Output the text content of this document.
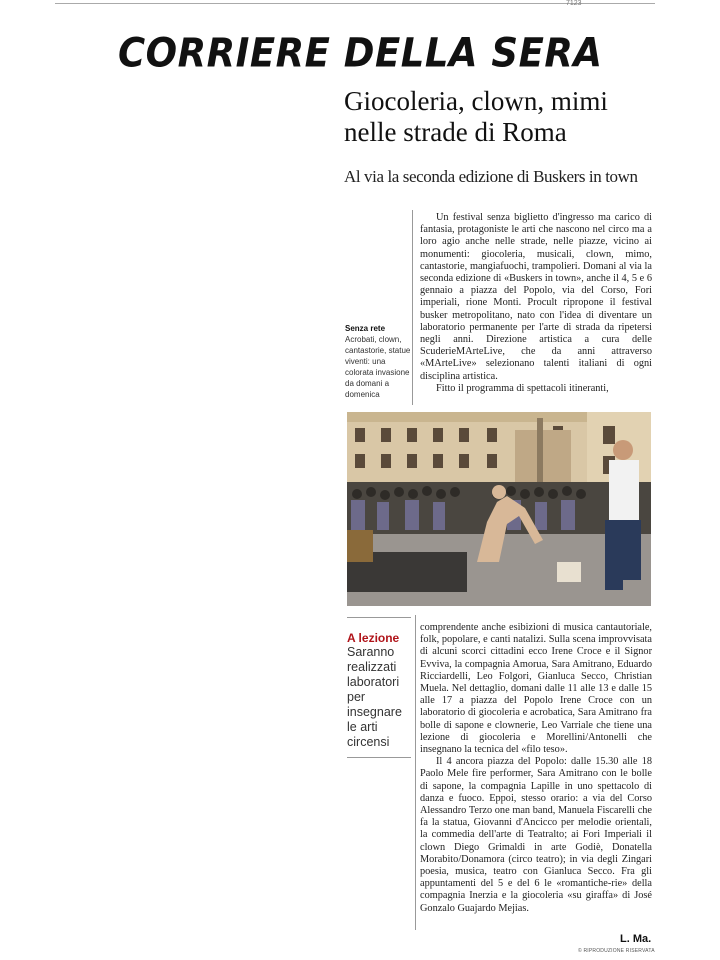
7123
CORRIERE DELLA SERA
Giocoleria, clown, mimi
nelle strade di Roma
Al via la seconda edizione di Buskers in town
Senza rete
Acrobati, clown, cantastorie, statue viventi: una colorata invasione da domani a domenica

Un festival senza biglietto d'ingresso ma carico di fantasia, protagoniste le arti che nascono nel circo ma a loro agio anche nelle strade, nelle piazze, vicino ai monumenti: giocoleria, musicali, clown, mimo, cantastorie, mangiafuochi, trampolieri. Domani al via la seconda edizione di «Buskers in town», anche il 4, 5 e 6 gennaio a piazza del Popolo, via del Corso, Fori imperiali, rione Monti. Procult ripropone il festival busker metropolitano, nato con l'idea di diventare un laboratorio permanente per l'arte di strada da ripetersi negli anni. Direzione artistica a cura delle ScuderieMArteLive, che da anni attraverso «MArteLive» selezionano talenti italiani di ogni disciplina artistica.

Fitto il programma di spettacoli itineranti,

A lezione
Saranno realizzati laboratori per insegnare le arti circensi

comprendente anche esibizioni di musica cantautoriale, folk, popolare, e canti natalizi. Sulla scena improvvisata di alcuni scorci cittadini ecco Irene Croce e il Signor Evviva, la compagnia Amorua, Sara Amitrano, Eduardo Ricciardelli, Leo Folgori, Gianluca Secco, Christian Muela. Nel dettaglio, domani dalle 11 alle 13 e dalle 15 alle 17 a piazza del Popolo Irene Croce con un laboratorio di giocoleria e acrobatica, Sara Amitrano fra bolle di sapone e clownerie, Leo Varriale che tiene una lezione di giocoleria e Morellini/Antonelli che insegnano la tecnica del «filo teso».

Il 4 ancora piazza del Popolo: dalle 15.30 alle 18 Paolo Mele fire performer, Sara Amitrano con le bolle di sapone, la compagnia Lapille in uno spettacolo di danza e fuoco. Eppoi, stesso orario: a via del Corso Alessandro Terzo one man band, Manuela Fiscarelli che fa la statua, Giovanni d'Ancicco per melodie orientali, la commedia dell'arte di Teatralto; ai Fori Imperiali il clown Diego Grimaldi in arte Godiè, Donatella Morabito/Donamora (circo teatro); in via degli Zingari poesia, musica, teatro con Gianluca Secco. Fra gli appuntamenti del 5 e del 6 le «romantiche-rie» della compagnia Inerzia e la giocoleria «su giraffa» di José Gonzalo Guajardo Mejias.

L. Ma.
© RIPRODUZIONE RISERVATA
